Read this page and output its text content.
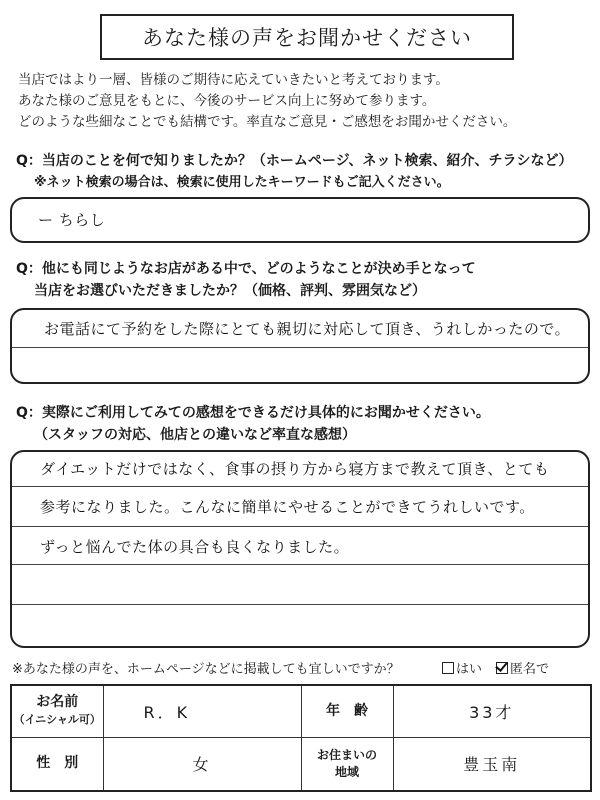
あなた様の声をお聞かせください
当店ではより一層、皆様のご期待に応えていきたいと考えております。
あなた様のご意見をもとに、今後のサービス向上に努めて参ります。
どのような些細なことでも結構です。率直なご意見・ご感想をお聞かせください。
Q：当店のことを何で知りましたか？（ホームページ、ネット検索、紹介、チラシなど）
※ネット検索の場合は、検索に使用したキーワードもご記入ください。
ー ちらし
Q：他にも同じようなお店がある中で、どのようなことが決め手となって
当店をお選びいただきましたか？（価格、評判、雰囲気など）
お電話にて予約をした際にとても親切に対応して頂き、うれしかったので。
Q：実際にご利用してみての感想をできるだけ具体的にお聞かせください。
（スタッフの対応、他店との違いなど率直な感想）
ダイエットだけではなく、食事の摂り方から寝方まで教えて頂き、とても
参考になりました。こんなに簡単にやせることができてうれしいです。
ずっと悩んでた体の具合も良くなりました。
※あなた様の声を、ホームページなどに掲載しても宜しいですか？	はい	匿名で
お名前
（イニシャル可）	R．K	年　齢	33才
性　別	女	お住まいの
地域	豊玉南
